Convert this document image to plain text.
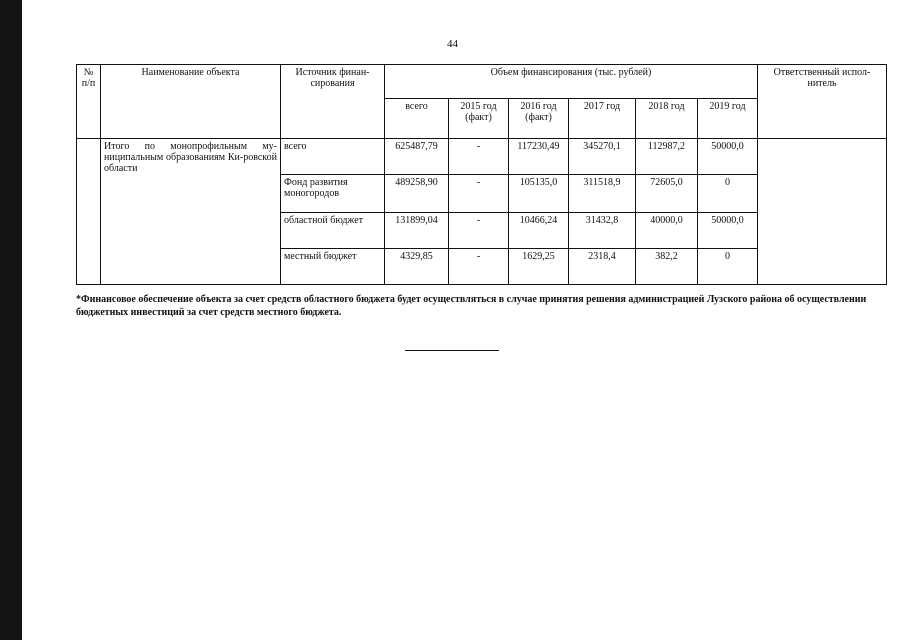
44
№ п/п	Наименование объекта	Источник финан-сирования	Объем финансирования (тыс. рублей)						Ответственный испол-нитель
			всего	2015 год (факт)	2016 год (факт)	2017 год	2018 год	2019 год	
	Итого по монопрофильным му-ниципальным образованиям Ки-ровской области	всего	625487,79	-	117230,49	345270,1	112987,2	50000,0	
		Фонд развития моногородов	489258,90	-	105135,0	311518,9	72605,0	0	
		областной бюджет	131899,04	-	10466,24	31432,8	40000,0	50000,0	
		местный бюджет	4329,85	-	1629,25	2318,4	382,2	0	
*Финансовое обеспечение объекта за счет средств областного бюджета будет осуществляться в случае принятия решения администрацией Лузского района об осуществлении бюджетных инвестиций за счет средств местного бюджета.
